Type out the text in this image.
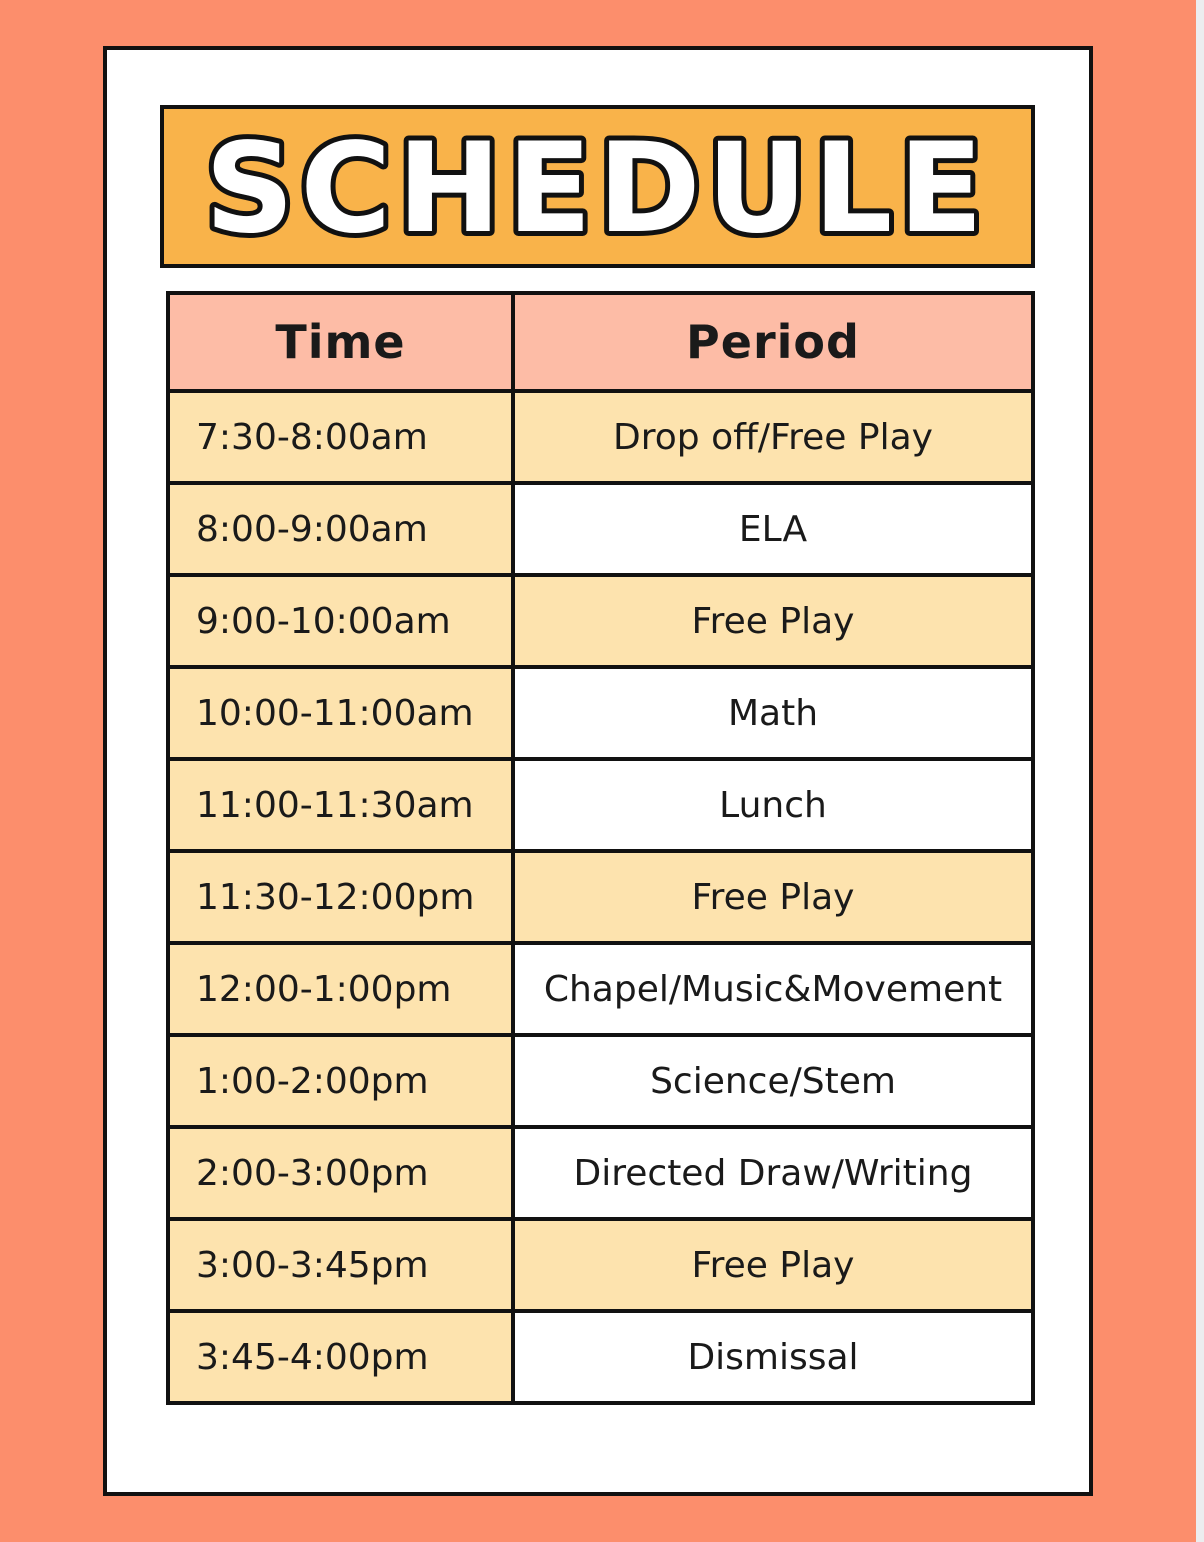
SCHEDULE
Time	Period
7:30-8:00am	Drop off/Free Play
8:00-9:00am	ELA
9:00-10:00am	Free Play
10:00-11:00am	Math
11:00-11:30am	Lunch
11:30-12:00pm	Free Play
12:00-1:00pm	Chapel/Music&Movement
1:00-2:00pm	Science/Stem
2:00-3:00pm	Directed Draw/Writing
3:00-3:45pm	Free Play
3:45-4:00pm	Dismissal
